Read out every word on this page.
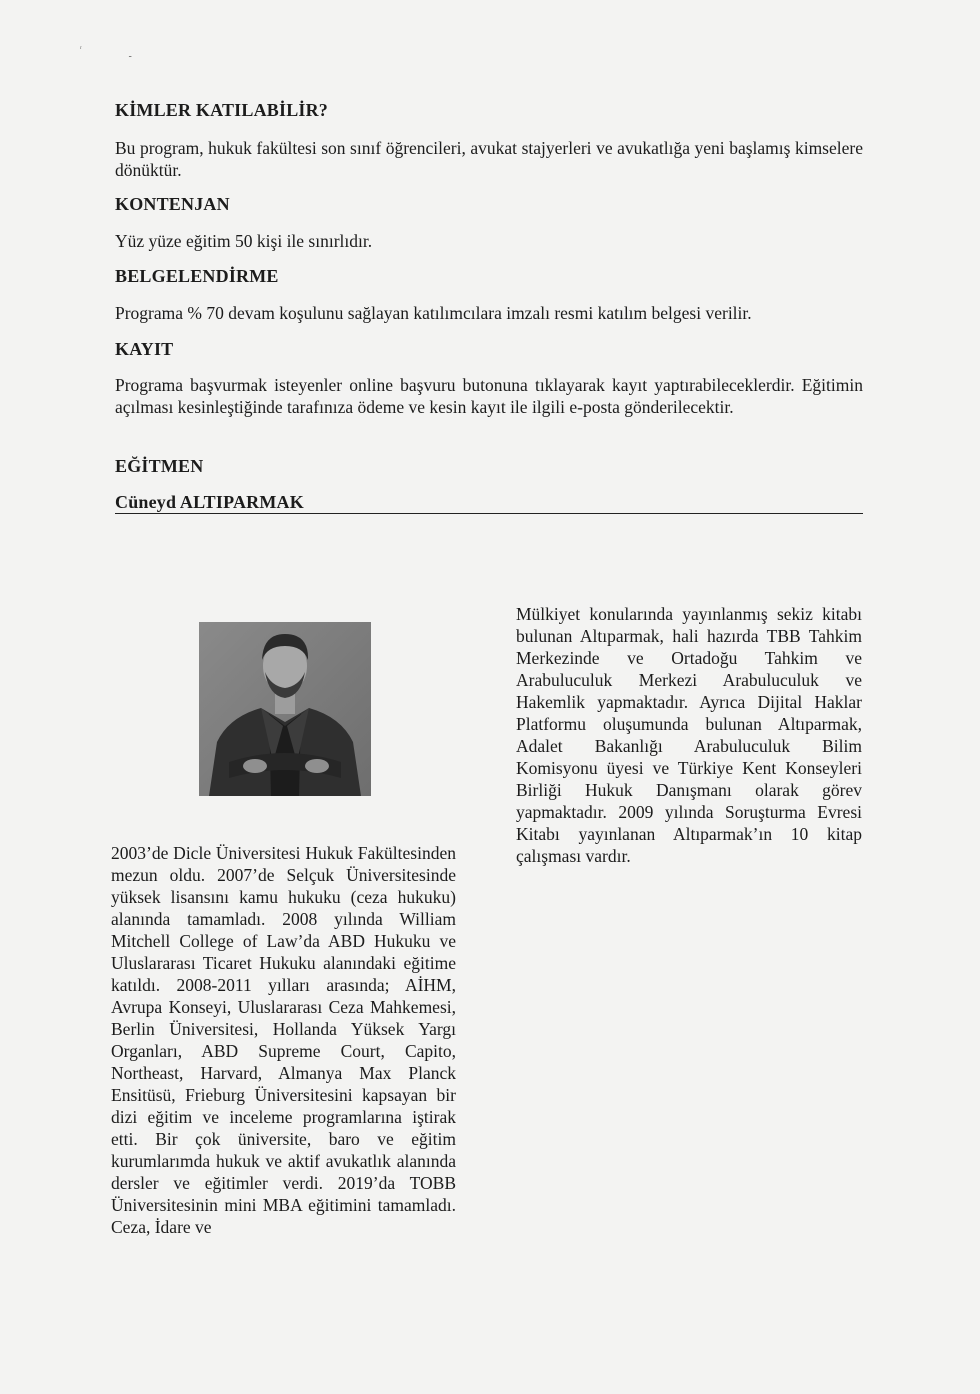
ʳ
ـ
KİMLER KATILABİLİR?
Bu program, hukuk fakültesi son sınıf öğrencileri, avukat stajyerleri ve avukatlığa yeni başlamış kimselere dönüktür.
KONTENJAN
Yüz yüze eğitim 50 kişi ile sınırlıdır.
BELGELENDİRME
Programa % 70 devam koşulunu sağlayan katılımcılara imzalı resmi katılım belgesi verilir.
KAYIT
Programa başvurmak isteyenler online başvuru butonuna tıklayarak kayıt yaptırabileceklerdir. Eğitimin açılması kesinleştiğinde tarafınıza ödeme ve kesin kayıt ile ilgili e-posta gönderilecektir.
EĞİTMEN
Cüneyd ALTIPARMAK
Mülkiyet konularında yayınlanmış sekiz kitabı bulunan Altıparmak, hali hazırda TBB Tahkim Merkezinde ve Ortadoğu Tahkim ve Arabuluculuk Merkezi Arabuluculuk ve Hakemlik yapmaktadır. Ayrıca Dijital Haklar Platformu oluşumunda bulunan Altıparmak, Adalet Bakanlığı Arabuluculuk Bilim Komisyonu üyesi ve Türkiye Kent Konseyleri Birliği Hukuk Danışmanı olarak görev yapmaktadır. 2009 yılında Soruşturma Evresi Kitabı yayınlanan Altıparmak’ın 10 kitap çalışması vardır.
2003’de Dicle Üniversitesi Hukuk Fakültesinden mezun oldu. 2007’de Selçuk Üniversitesinde yüksek lisansını kamu hukuku (ceza hukuku) alanında tamamladı. 2008 yılında William Mitchell College of Law’da ABD Hukuku ve Uluslararası Ticaret Hukuku alanındaki eğitime katıldı. 2008-2011 yılları arasında; AİHM, Avrupa Konseyi, Uluslararası Ceza Mahkemesi, Berlin Üniversitesi, Hollanda Yüksek Yargı Organları, ABD Supreme Court, Capito, Northeast, Harvard, Almanya Max Planck Ensitüsü, Frieburg Üniversitesini kapsayan bir dizi eğitim ve inceleme programlarına iştirak etti. Bir çok üniversite, baro ve eğitim kurumlarımda hukuk ve aktif avukatlık alanında dersler ve eğitimler verdi. 2019’da TOBB Üniversitesinin mini MBA eğitimini tamamladı. Ceza, İdare ve
